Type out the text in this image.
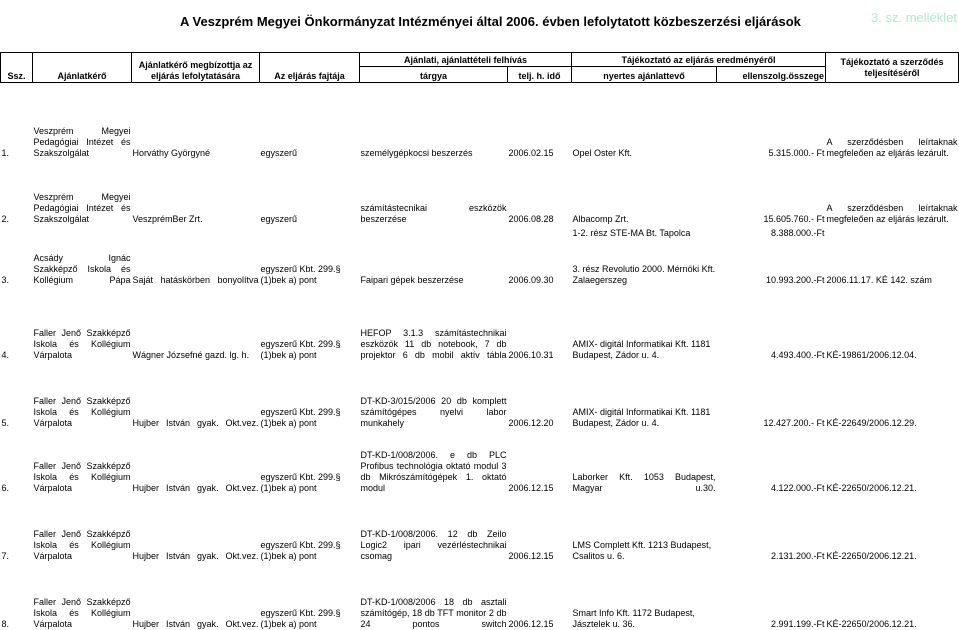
A Veszprém Megyei Önkormányzat Intézményei által 2006. évben lefolytatott közbeszerzési eljárások	3. sz. melléklet
Ssz.	Ajánlatkérő	Ajánlatkérő megbízottja az eljárás lefolytatására	Az eljárás fajtája	Ajánlati, ajánlattételi felhívás		Tájékoztató az eljárás eredményéről		Tájékoztató a szerződés teljesítéséről
				tárgya	telj. h. idő	nyertes ajánlattevő	ellenszolg.összege	
1.	Veszprém Megyei Pedagógiai Intézet és Szakszolgálat	Horváthy Györgyné	egyszerű	személygépkocsi beszerzés	2006.02.15	Opel Oster Kft.	5.315.000.- Ft	A szerződésben leírtaknak megfeleően az eljárás lezárult.
2.	Veszprém Megyei Pedagógiai Intézet és Szakszolgálat	VeszprémBer Zrt.	egyszerű	számítástecnikai eszközök beszerzése	2006.08.28	Albacomp Zrt.	15.605.760.- Ft	A szerződésben leírtaknak megfeleően az eljárás lezárult.
						1-2. rész STE-MA Bt. Tapolca	8.388.000.-Ft	
3.	Acsády Ignác Szakképző Iskola és Kollégium Pápa	Saját hatáskörben bonyolítva	egyszerű Kbt. 299.§ (1)bek a) pont	Faipari gépek beszerzése	2006.09.30	3. rész Revolutio 2000. Mérnöki Kft. Zalaegerszeg	10.993.200.-Ft	2006.11.17. KÉ 142. szám
4.	Faller Jenő Szakképző Iskola és Kollégium Várpalota	Wágner Józsefné gazd. lg. h.	egyszerű Kbt. 299.§ (1)bek a) pont	HEFOP 3.1.3 számítástechnikai eszközök 11 db notebook, 7 db projektor 6 db mobil aktív tábla	2006.10.31	AMIX- digitál Informatikai Kft. 1181 Budapest, Zádor u. 4.	4.493.400.-Ft	KÉ-19861/2006.12.04.
5.	Faller Jenő Szakképző Iskola és Kollégium Várpalota	Hujber István gyak. Okt.vez.	egyszerű Kbt. 299.§ (1)bek a) pont	DT-KD-3/015/2006 20 db komplett számítógépes nyelvi labor munkahely	2006.12.20	AMIX- digitál Informatikai Kft. 1181 Budapest, Zádor u. 4.	12.427.200.- Ft	KÉ-22649/2006.12.29.
6.	Faller Jenő Szakképző Iskola és Kollégium Várpalota	Hujber István gyak. Okt.vez.	egyszerű Kbt. 299.§ (1)bek a) pont	DT-KD-1/008/2006. e db PLC Profibus technológia oktató modul 3 db Mikrószámítógépek 1. oktató modul	2006.12.15	Laborker Kft. 1053 Budapest, Magyar u.30.	4.122.000.-Ft	KÉ-22650/2006.12.21.
7.	Faller Jenő Szakképző Iskola és Kollégium Várpalota	Hujber István gyak. Okt.vez.	egyszerű Kbt. 299.§ (1)bek a) pont	DT-KD-1/008/2006. 12 db Zeilo Logic2 ipari vezérléstechnikai csomag	2006.12.15	LMS Complett Kft. 1213 Budapest, Csalitos u. 6.	2.131.200.-Ft	KÉ-22650/2006.12.21.
8.	Faller Jenő Szakképző Iskola és Kollégium Várpalota	Hujber István gyak. Okt.vez.	egyszerű Kbt. 299.§ (1)bek a) pont	DT-KD-1/008/2006 18 db asztali számítógép, 18 db TFT monitor 2 db 24 pontos switch	2006.12.15	Smart Info Kft. 1172 Budapest, Jásztelek u. 36.	2.991.199.-Ft	KÉ-22650/2006.12.21.
